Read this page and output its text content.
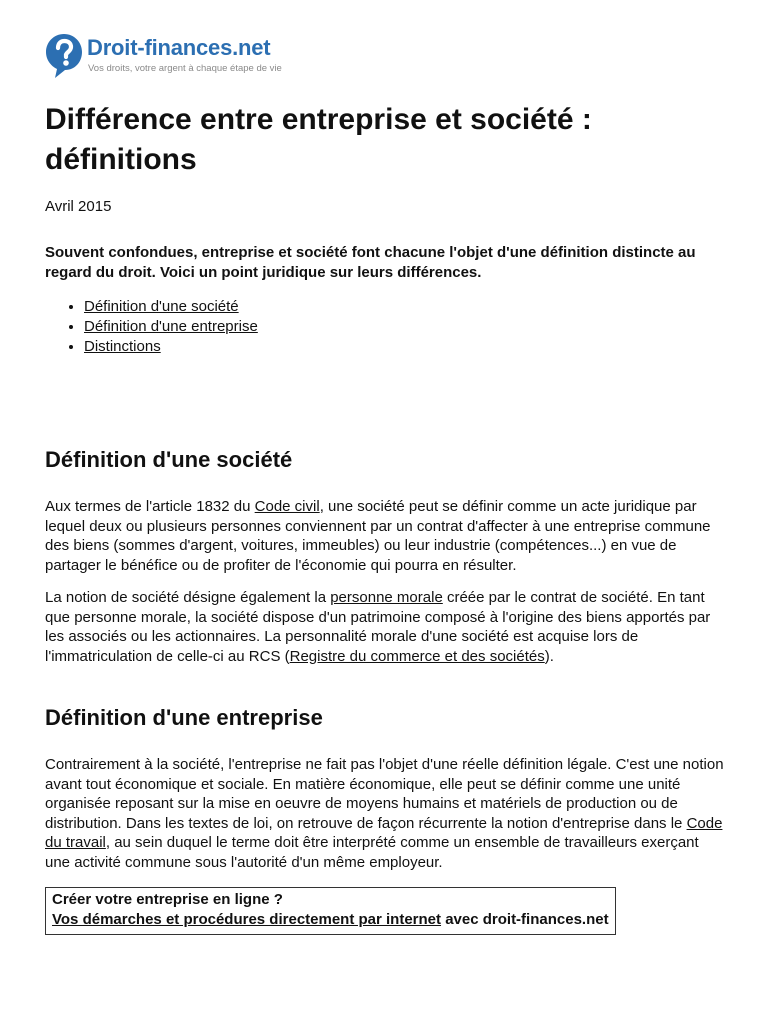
Droit-finances.net
Vos droits, votre argent à chaque étape de vie
Différence entre entreprise et société : définitions
Avril 2015
Souvent confondues, entreprise et société font chacune l'objet d'une définition distincte au regard du droit. Voici un point juridique sur leurs différences.
• Définition d'une société
• Définition d'une entreprise
• Distinctions
Définition d'une société

Aux termes de l'article 1832 du Code civil, une société peut se définir comme un acte juridique par lequel deux ou plusieurs personnes conviennent par un contrat d'affecter à une entreprise commune des biens (sommes d'argent, voitures, immeubles) ou leur industrie (compétences...) en vue de partager le bénéfice ou de profiter de l'économie qui pourra en résulter.

La notion de société désigne également la personne morale créée par le contrat de société. En tant que personne morale, la société dispose d'un patrimoine composé à l'origine des biens apportés par les associés ou les actionnaires. La personnalité morale d'une société est acquise lors de l'immatriculation de celle-ci au RCS (Registre du commerce et des sociétés).

Définition d'une entreprise

Contrairement à la société, l'entreprise ne fait pas l'objet d'une réelle définition légale. C'est une notion avant tout économique et sociale. En matière économique, elle peut se définir comme une unité organisée reposant sur la mise en oeuvre de moyens humains et matériels de production ou de distribution. Dans les textes de loi, on retrouve de façon récurrente la notion d'entreprise dans le Code du travail, au sein duquel le terme doit être interprété comme un ensemble de travailleurs exerçant une activité commune sous l'autorité d'un même employeur.

Créer votre entreprise en ligne ?
Vos démarches et procédures directement par internet avec droit-finances.net
